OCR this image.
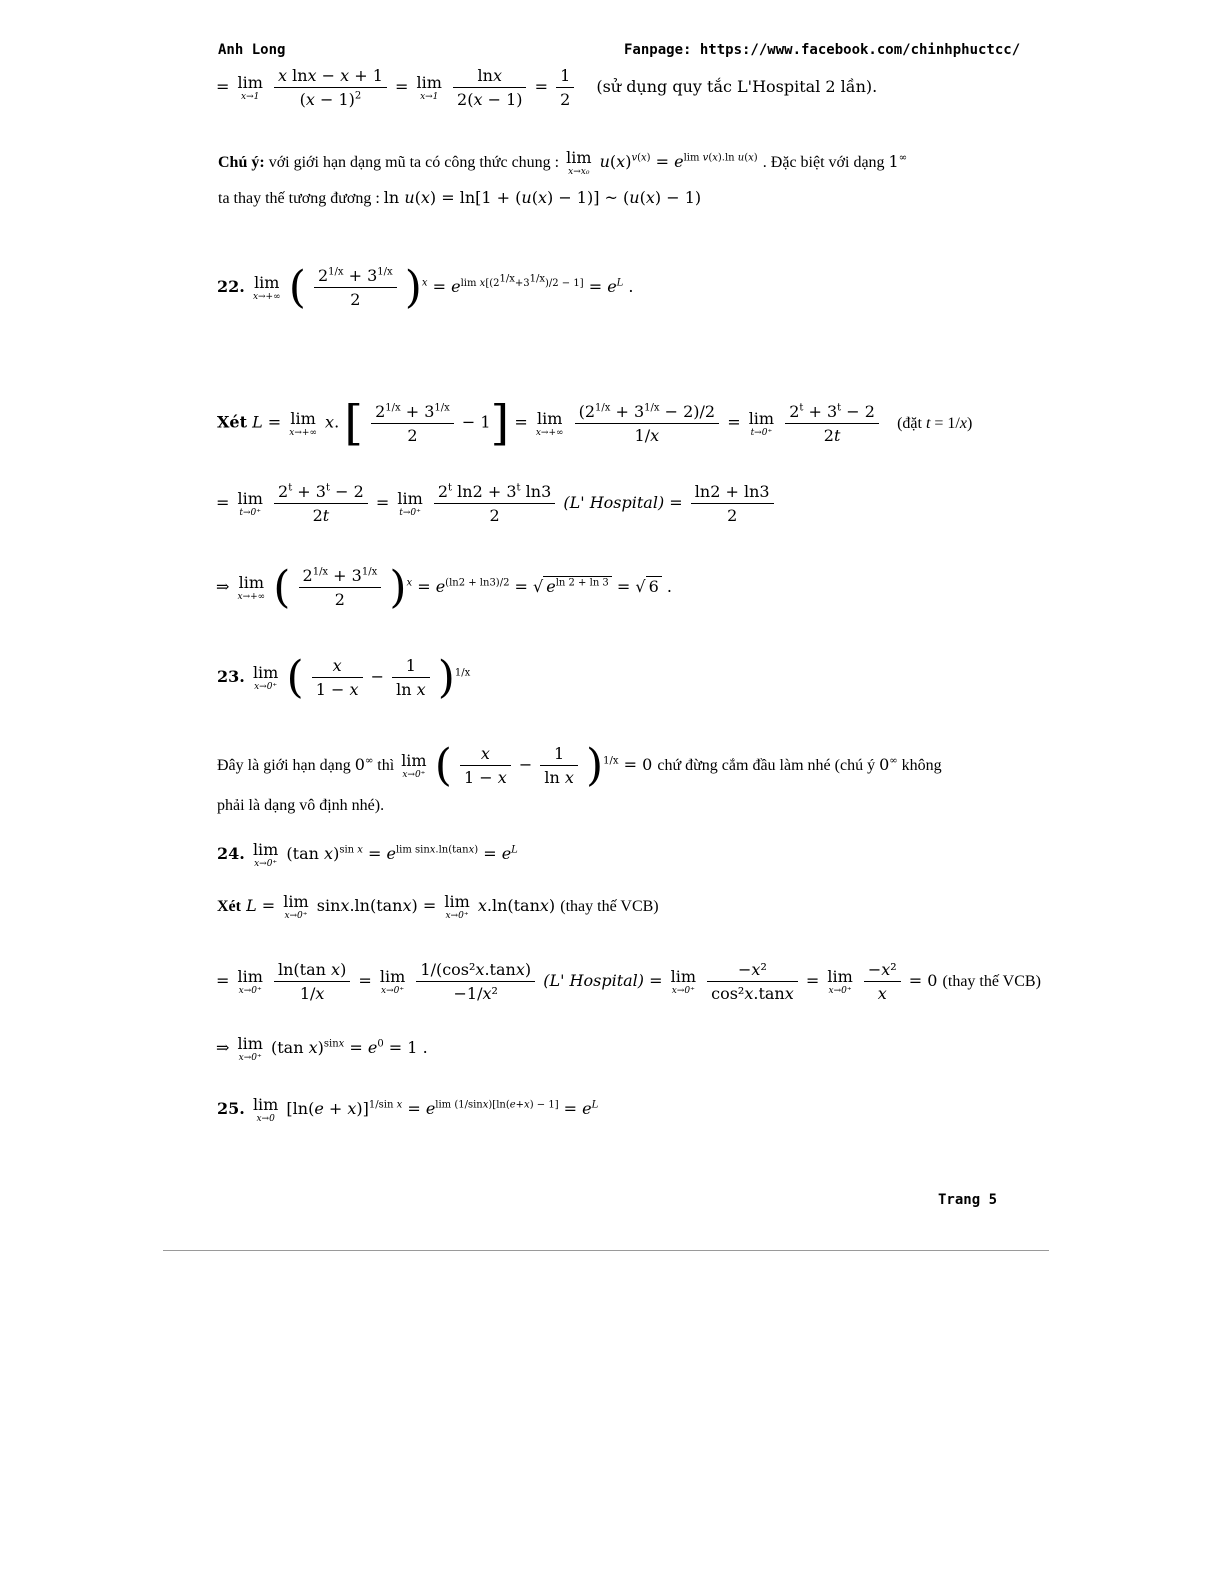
Anh Long	Fanpage: https://www.facebook.com/chinhphuctcc/
= lim
x→1
$\frac{\text{x lnx − x + 1}}{(x - 1)^2} = \lim$
x→1
$\frac{\ln x}{2(x - 1)} = \frac{1}{2}$ (sử dụng quy tắc L'Hospital 2 lần).
Chú ý: với giới hạn dạng mũ ta có công thức chung : lim
x→x₀
$u(x)^{v(x)} = e^{lim v(x).ln u(x)}$ . Đặc biệt với dạng 1∞
ta thay thế tương đương : ln u(x) = ln[1 + (u(x) − 1)] ~ (u(x) − 1)
22. lim
x→+∞ ( $\frac{2^{1/x} + 3^{1/x}}{2} )^x = e^{lim x[(2^{1/x}+3^{1/x})/2 - 1]} = e^L$ .
Xét L = lim
x→+∞
x. [ $\frac{2^{1/x} + 3^{1/x}}{2} - 1] = \lim$
x→+∞
$\frac{(2^{1/x} + 3^{1/x} - 2)/2}{1/x} = \lim$
t→0⁺
$\frac{2^t + 3^t - 2}{2t}$ (đặt t = 1/x)
= lim
t→0⁺
$\frac{2^t + 3^t - 2}{2t} = \lim$
t→0⁺
$\frac{2^t \ln 2 + 3^t \ln 3}{2} (L'$ Hospital) = $\frac{\ln 2 + \ln 3}{2}$
⇒ lim
x→+∞ ( $\frac{2^{1/x} + 3^{1/x}}{2} )^x = e^{(ln2 + ln3)/2}$ = √ $e^{ln 2 + ln 3}$ = √ 6 .
23. lim
x→0⁺ ( $\frac{x}{1 - x} - \frac{1}{\text{ln x}} )^{1/x}$
Đây là giới hạn dạng 0∞ thì lim
x→0⁺ ( $\frac{x}{1 - x} - \frac{1}{\text{ln x}} )^{1/x} = 0$ chứ đừng cắm đầu làm nhé (chú ý 0∞ không
phải là dạng vô định nhé).
24. lim
x→0⁺
(tan $x)^{sin x} = e^{lim sinx.ln(tanx)} = e^L$
Xét L = lim
x→0⁺
sinx.ln(tanx) = lim
x→0⁺
x.ln(tanx) (thay thế VCB)
= lim
x→0⁺
$\frac{\text{ln(tan x)}}{1/x} = \lim$
x→0⁺
$\frac{\text{1/(cos²x.tanx)}}{\text{−1/x²}} (L'$ Hospital) = lim
x→0⁺
$\frac{\text{−x²}}{\text{cos²x.tanx}} = \lim$
x→0⁺
$\frac{\text{−x²}}{x} = 0$ (thay thế VCB)
⇒ lim
x→0⁺
(tan $x)^{sinx} = e^0 = 1$ .
25. lim
x→0
$[\ln(e + x)]^{1/sin x} = e^{lim (1/sinx)[ln(e+x) - 1]} = e^L$
Trang 5
